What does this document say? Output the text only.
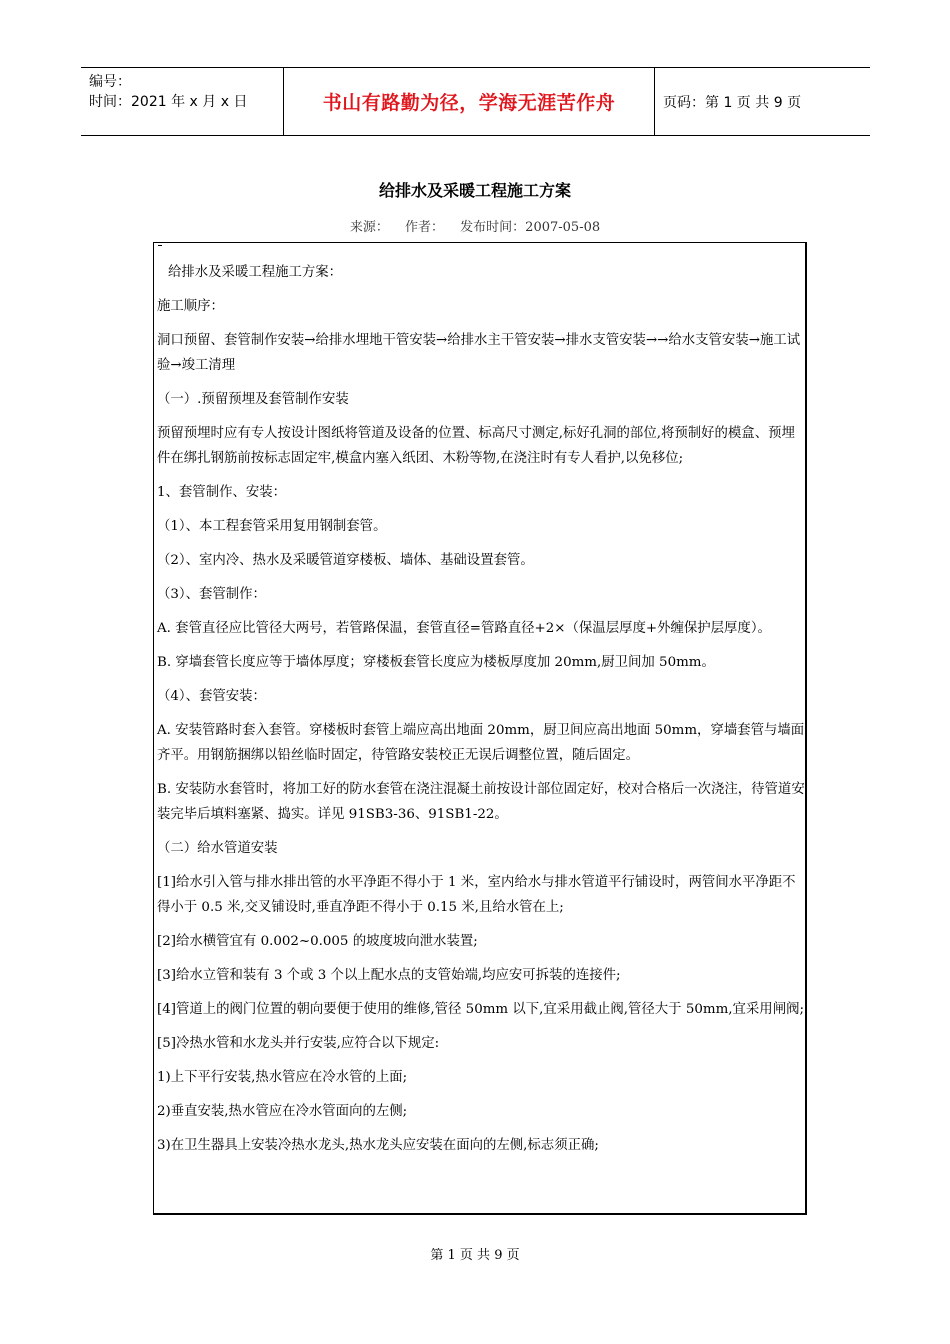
编号：
时间：2021 年 x 月 x 日	书山有路勤为径，学海无涯苦作舟	页码：第 1 页 共 9 页
给排水及采暖工程施工方案
来源： 作者： 发布时间：2007-05-08

给排水及采暖工程施工方案：

施工顺序：

洞口预留、套管制作安装→给排水埋地干管安装→给排水主干管安装→排水支管安装→→给水支管安装→施工试验→竣工清理

（一）.预留预埋及套管制作安装

预留预埋时应有专人按设计图纸将管道及设备的位置、标高尺寸测定,标好孔洞的部位,将预制好的模盒、预埋件在绑扎钢筋前按标志固定牢,模盒内塞入纸团、木粉等物,在浇注时有专人看护,以免移位;

1、套管制作、安装：

（1）、本工程套管采用复用钢制套管。

（2）、室内冷、热水及采暖管道穿楼板、墙体、基础设置套管。

（3）、套管制作：

A. 套管直径应比管径大两号，若管路保温，套管直径=管路直径+2×（保温层厚度+外缠保护层厚度）。

B. 穿墙套管长度应等于墙体厚度；穿楼板套管长度应为楼板厚度加 20mm,厨卫间加 50mm。

（4）、套管安装：

A. 安装管路时套入套管。穿楼板时套管上端应高出地面 20mm，厨卫间应高出地面 50mm，穿墙套管与墙面齐平。用钢筋捆绑以铅丝临时固定，待管路安装校正无误后调整位置，随后固定。

B. 安装防水套管时，将加工好的防水套管在浇注混凝土前按设计部位固定好，校对合格后一次浇注，待管道安装完毕后填料塞紧、捣实。详见 91SB3-36、91SB1-22。

（二）给水管道安装

[1]给水引入管与排水排出管的水平净距不得小于 1 米，室内给水与排水管道平行铺设时，两管间水平净距不得小于 0.5 米,交叉铺设时,垂直净距不得小于 0.15 米,且给水管在上;

[2]给水横管宜有 0.002~0.005 的坡度坡向泄水装置;

[3]给水立管和装有 3 个或 3 个以上配水点的支管始端,均应安可拆装的连接件;

[4]管道上的阀门位置的朝向要便于使用的维修,管径 50mm 以下,宜采用截止阀,管径大于 50mm,宜采用闸阀;

[5]冷热水管和水龙头并行安装,应符合以下规定:

1)上下平行安装,热水管应在冷水管的上面;

2)垂直安装,热水管应在冷水管面向的左侧;

3)在卫生器具上安装冷热水龙头,热水龙头应安装在面向的左侧,标志须正确;

第 1 页 共 9 页
